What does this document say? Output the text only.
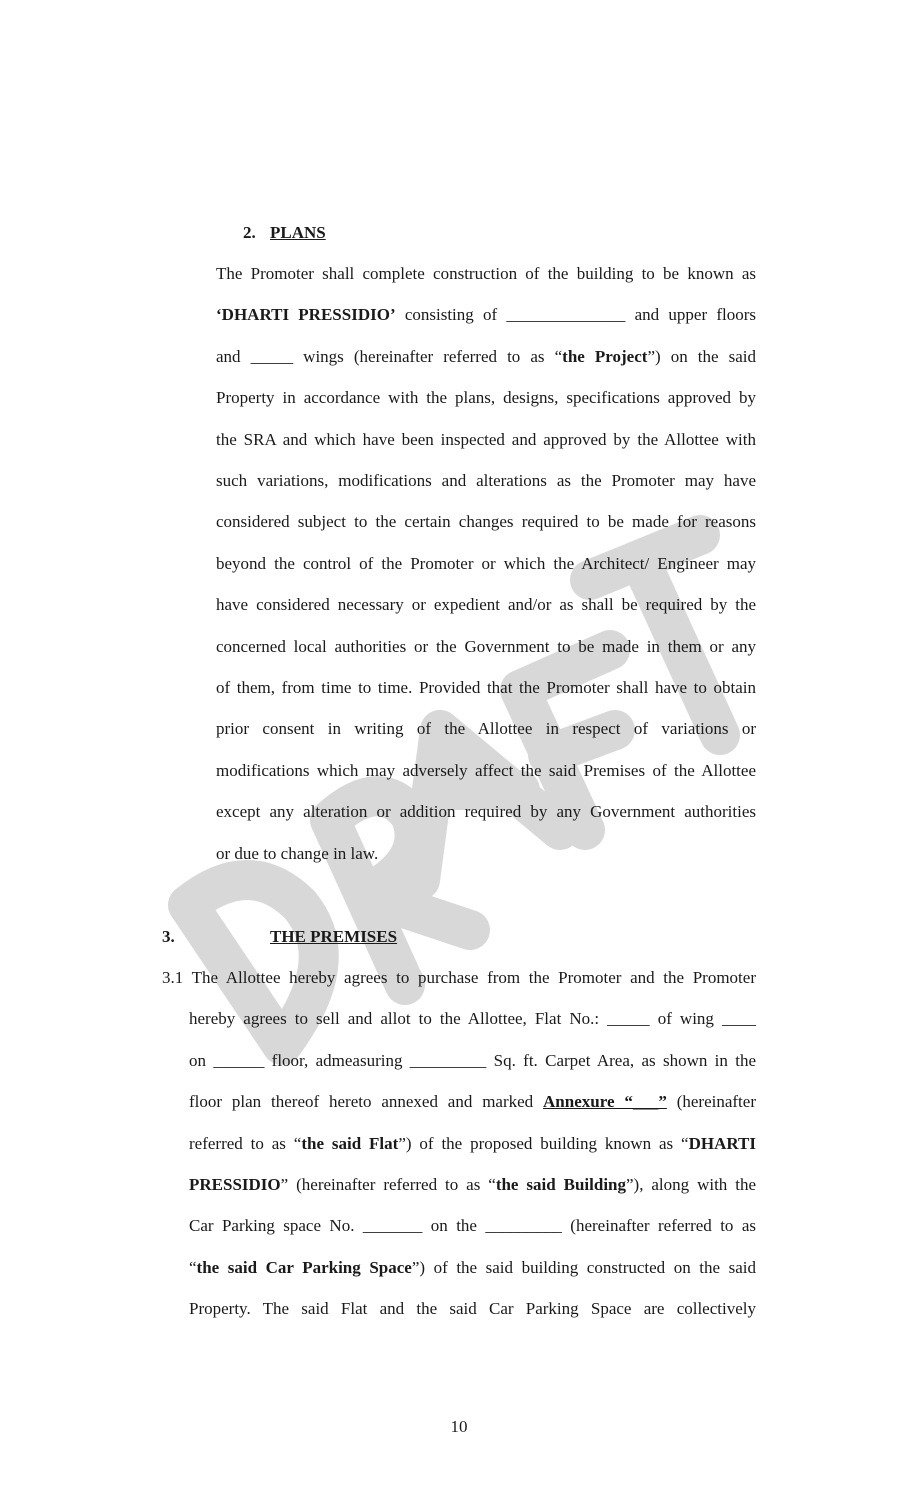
2. PLANS
The Promoter shall complete construction of the building to be known as
‘DHARTI PRESSIDIO’ consisting of ______________ and upper floors
and _____ wings (hereinafter referred to as “the Project”) on the said
Property in accordance with the plans, designs, specifications approved by
the SRA and which have been inspected and approved by the Allottee with
such variations, modifications and alterations as the Promoter may have
considered subject to the certain changes required to be made for reasons
beyond the control of the Promoter or which the Architect/ Engineer may
have considered necessary or expedient and/or as shall be required by the
concerned local authorities or the Government to be made in them or any
of them, from time to time. Provided that the Promoter shall have to obtain
prior consent in writing of the Allottee in respect of variations or
modifications which may adversely affect the said Premises of the Allottee
except any alteration or addition required by any Government authorities
or due to change in law.
3.	THE PREMISES
3.1 The Allottee hereby agrees to purchase from the Promoter and the Promoter
hereby agrees to sell and allot to the Allottee, Flat No.: _____ of wing ____
on ______ floor, admeasuring _________ Sq. ft. Carpet Area, as shown in the
floor plan thereof hereto annexed and marked Annexure “___” (hereinafter
referred to as “the said Flat”) of the proposed building known as “DHARTI
PRESSIDIO” (hereinafter referred to as “the said Building”), along with the
Car Parking space No. _______ on the _________ (hereinafter referred to as
“the said Car Parking Space”) of the said building constructed on the said
Property. The said Flat and the said Car Parking Space are collectively
10
